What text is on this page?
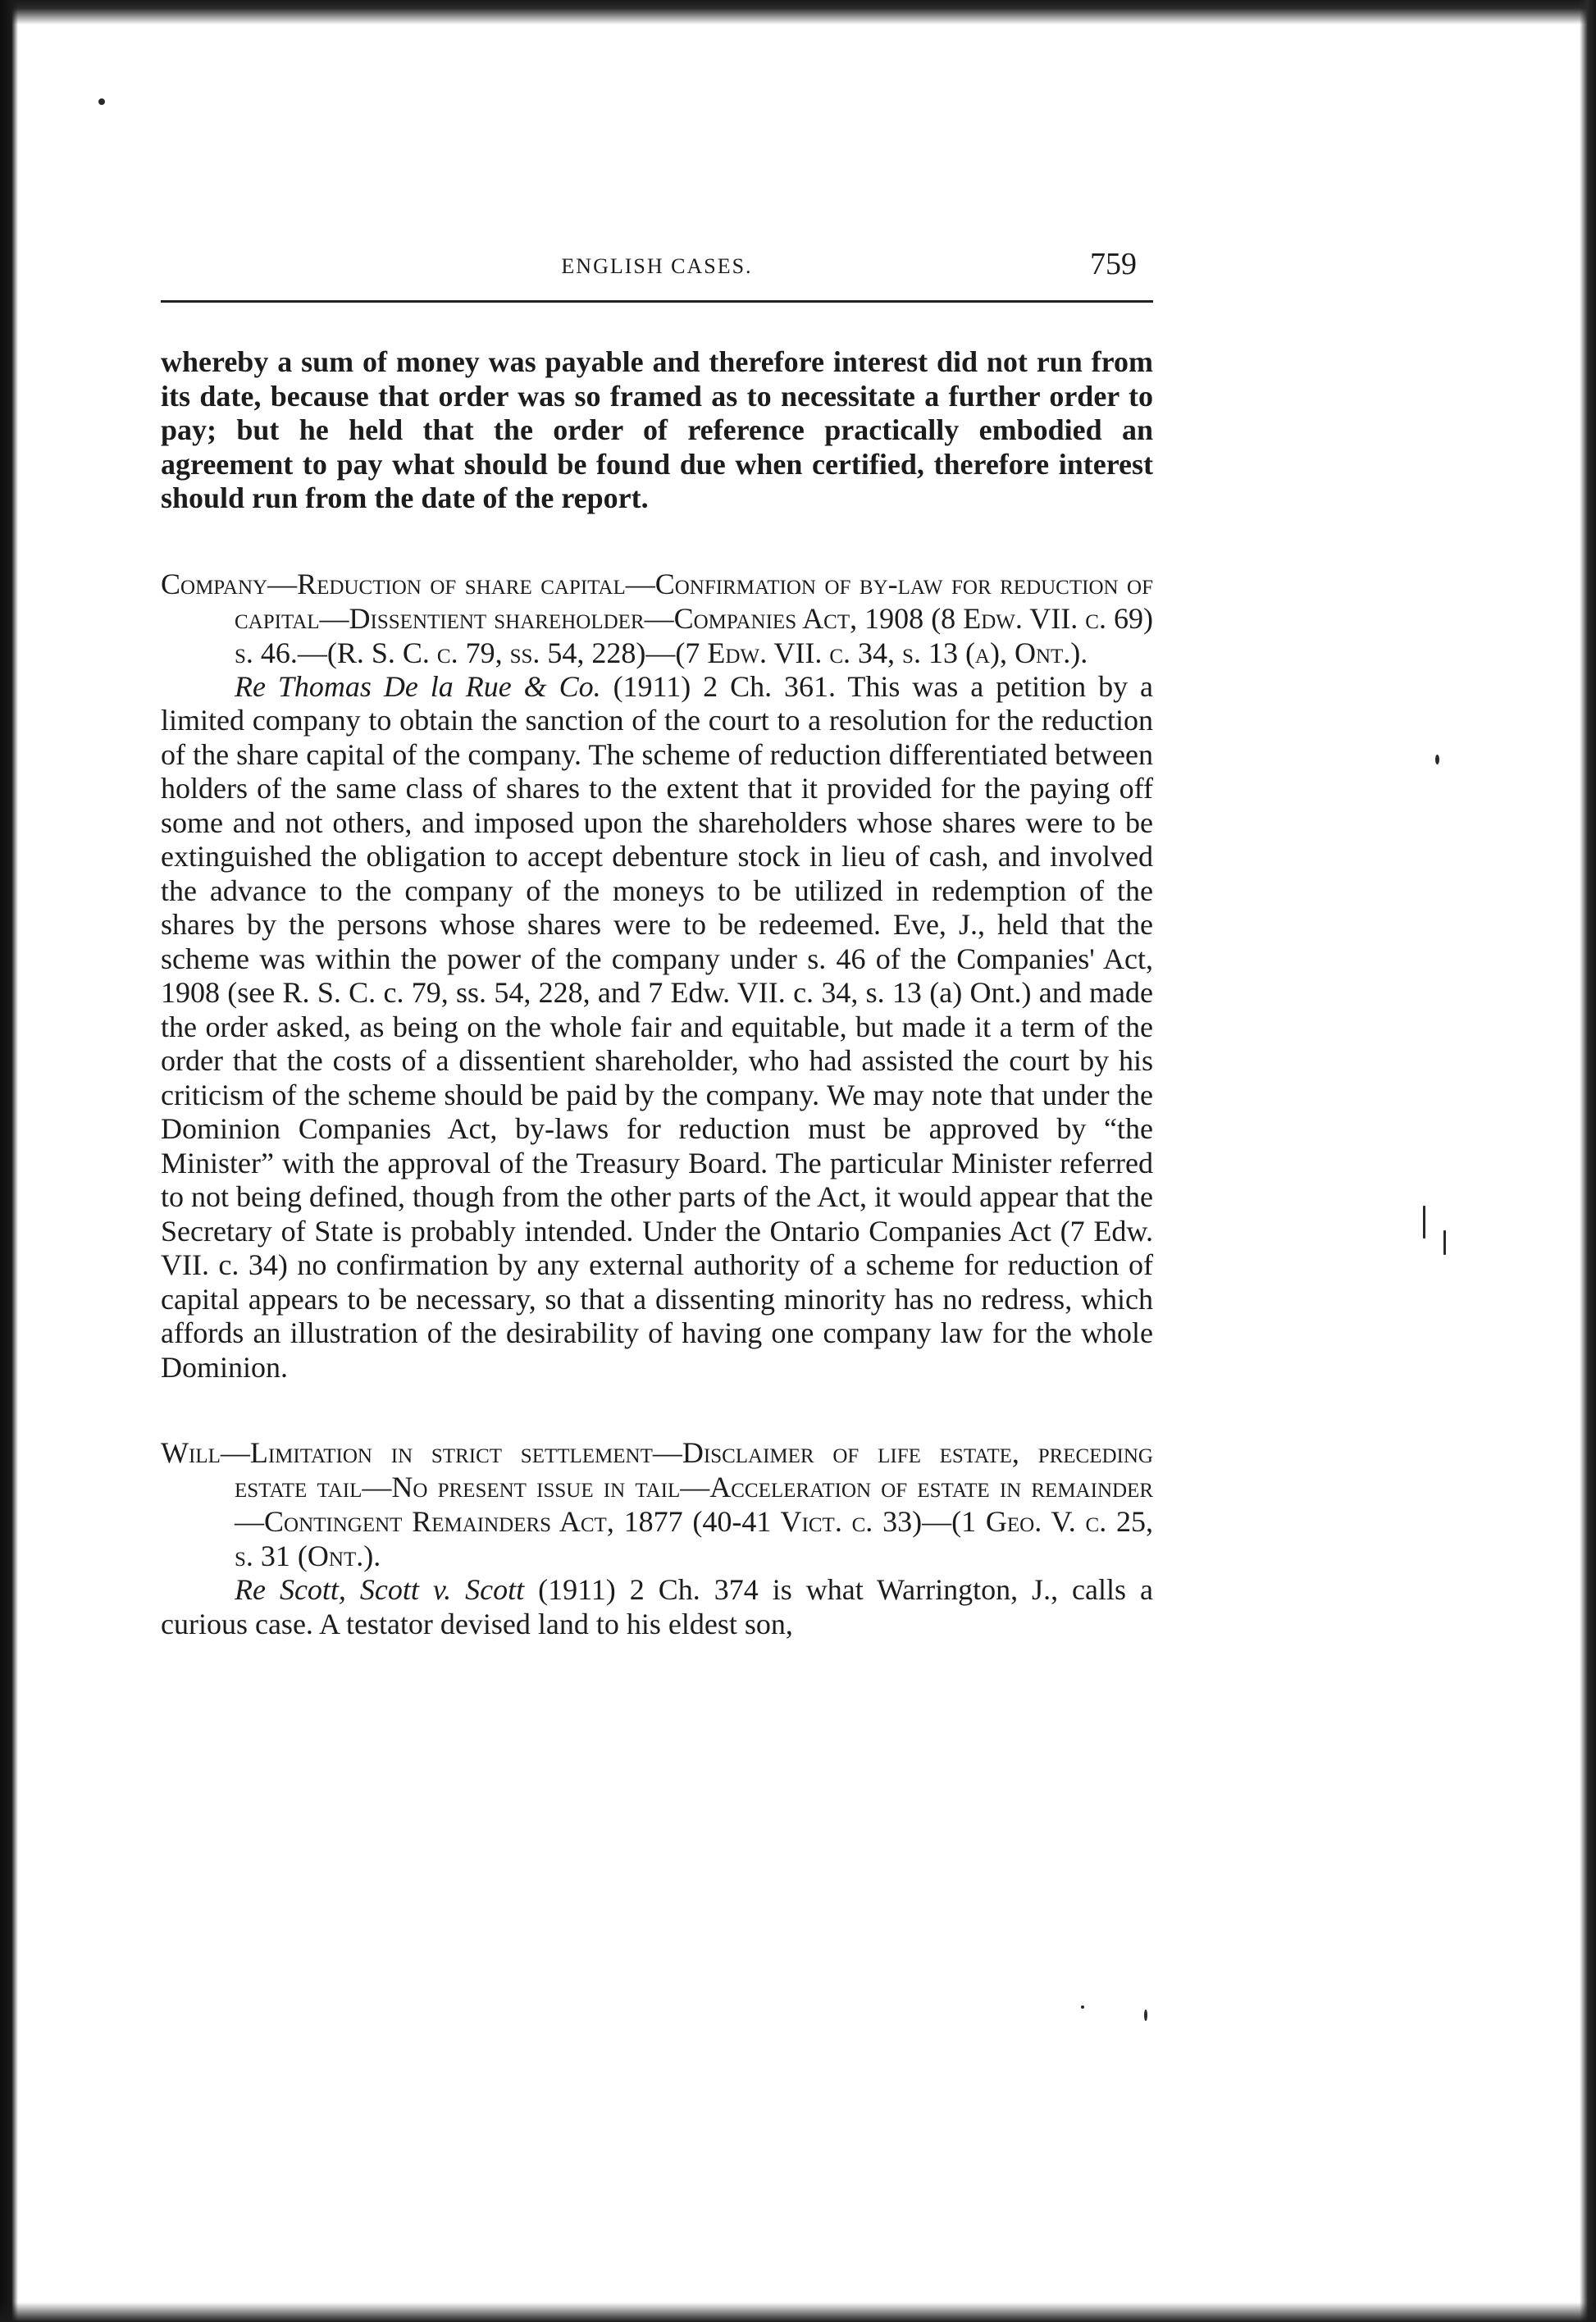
ENGLISH CASES.	759

whereby a sum of money was payable and therefore interest did not run from its date, because that order was so framed as to necessitate a further order to pay; but he held that the order of reference practically embodied an agreement to pay what should be found due when certified, therefore interest should run from the date of the report.

Company—Reduction of share capital—Confirmation of by-law for reduction of capital—Dissentient shareholder—Companies Act, 1908 (8 Edw. VII. c. 69) s. 46.—(R. S. C. c. 79, ss. 54, 228)—(7 Edw. VII. c. 34, s. 13 (a), Ont.).

Re Thomas De la Rue & Co. (1911) 2 Ch. 361. This was a petition by a limited company to obtain the sanction of the court to a resolution for the reduction of the share capital of the company. The scheme of reduction differentiated between holders of the same class of shares to the extent that it provided for the paying off some and not others, and imposed upon the shareholders whose shares were to be extinguished the obligation to accept debenture stock in lieu of cash, and involved the advance to the company of the moneys to be utilized in redemption of the shares by the persons whose shares were to be redeemed. Eve, J., held that the scheme was within the power of the company under s. 46 of the Companies' Act, 1908 (see R. S. C. c. 79, ss. 54, 228, and 7 Edw. VII. c. 34, s. 13 (a) Ont.) and made the order asked, as being on the whole fair and equitable, but made it a term of the order that the costs of a dissentient shareholder, who had assisted the court by his criticism of the scheme should be paid by the company. We may note that under the Dominion Companies Act, by-laws for reduction must be approved by “the Minister” with the approval of the Treasury Board. The particular Minister referred to not being defined, though from the other parts of the Act, it would appear that the Secretary of State is probably intended. Under the Ontario Companies Act (7 Edw. VII. c. 34) no confirmation by any external authority of a scheme for reduction of capital appears to be necessary, so that a dissenting minority has no redress, which affords an illustration of the desirability of having one company law for the whole Dominion.

Will—Limitation in strict settlement—Disclaimer of life estate, preceding estate tail—No present issue in tail—Acceleration of estate in remainder—Contingent Remainders Act, 1877 (40-41 Vict. c. 33)—(1 Geo. V. c. 25, s. 31 (Ont.).

Re Scott, Scott v. Scott (1911) 2 Ch. 374 is what Warrington, J., calls a curious case. A testator devised land to his eldest son,
